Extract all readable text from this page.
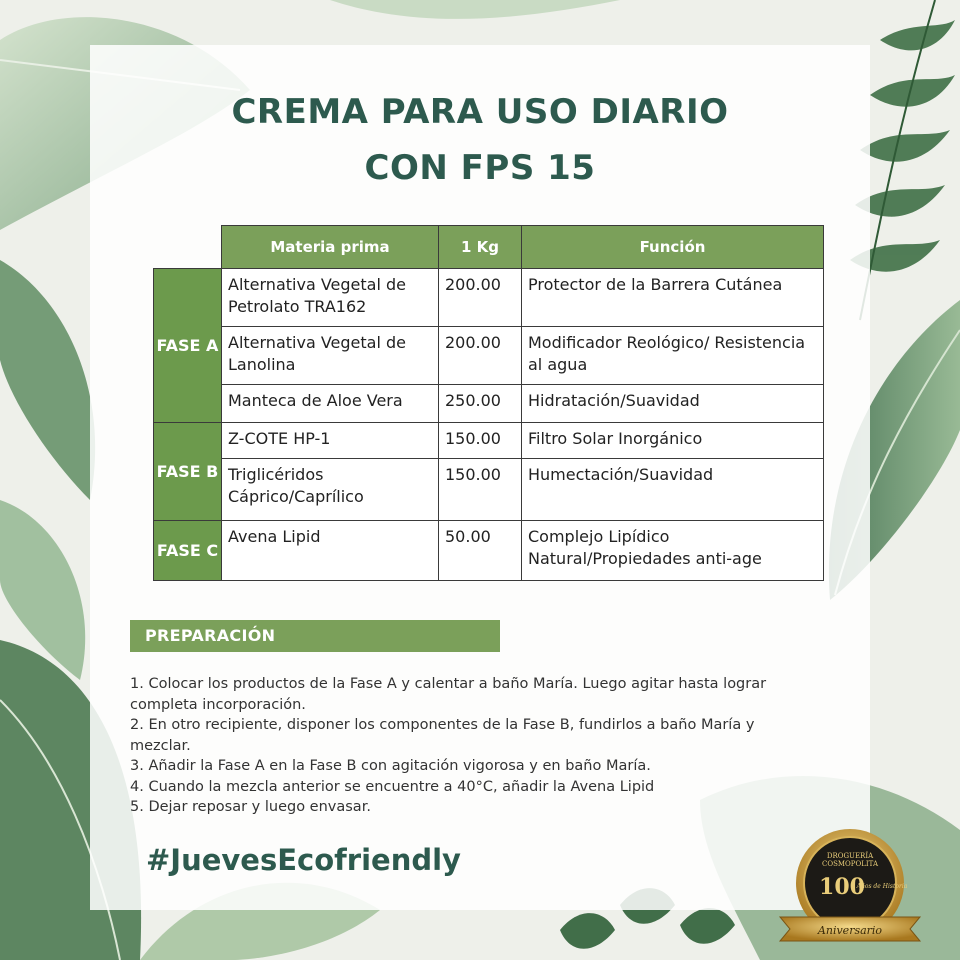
CREMA PARA USO DIARIO
CON FPS 15
	Materia prima	1 Kg	Función
FASE A	Alternativa Vegetal de Petrolato TRA162	200.00	Protector de la Barrera Cutánea
	Alternativa Vegetal de Lanolina	200.00	Modificador Reológico/ Resistencia al agua
	Manteca de Aloe Vera	250.00	Hidratación/Suavidad
FASE B	Z-COTE HP-1	150.00	Filtro Solar Inorgánico
	Triglicéridos Cáprico/Caprílico	150.00	Humectación/Suavidad
FASE C	Avena Lipid	50.00	Complejo Lipídico Natural/Propiedades anti-age
PREPARACIÓN
1. Colocar los productos de la Fase A y calentar a baño María. Luego agitar hasta lograr completa incorporación.
2. En otro recipiente, disponer los componentes de la Fase B, fundirlos a baño María y mezclar.
3. Añadir la Fase A en la Fase B con agitación vigorosa y en baño María.
4. Cuando la mezcla anterior se encuentre a 40°C, añadir la Avena Lipid
5. Dejar reposar y luego envasar.
#JuevesEcofriendly	DROGUERÍA
COSMOPOLITA
100
Años de Historia
Aniversario
